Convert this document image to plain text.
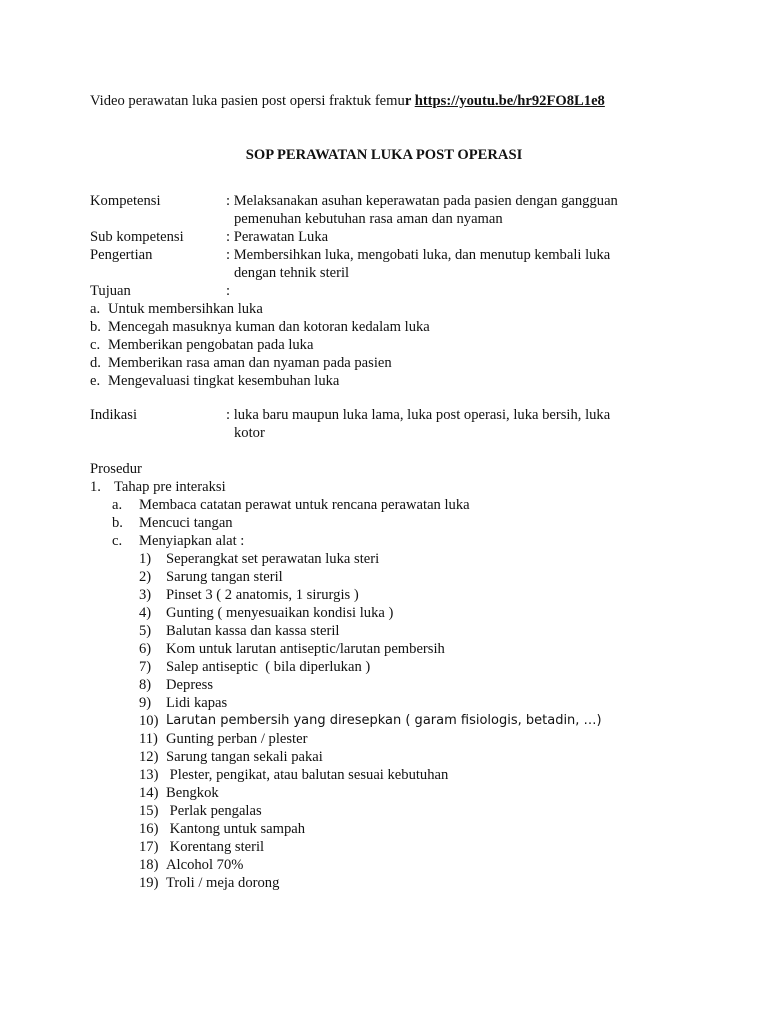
Video perawatan luka pasien post opersi fraktuk femur https://youtu.be/hr92FO8L1e8
SOP PERAWATAN LUKA POST OPERASI
Kompetensi	: Melaksanakan asuhan keperawatan pada pasien dengan gangguan
pemenuhan kebutuhan rasa aman dan nyaman
Sub kompetensi	: Perawatan Luka
Pengertian	: Membersihkan luka, mengobati luka, dan menutup kembali luka
dengan tehnik steril
Tujuan	:
a. Untuk membersihkan luka
b. Mencegah masuknya kuman dan kotoran kedalam luka
c. Memberikan pengobatan pada luka
d. Memberikan rasa aman dan nyaman pada pasien
e. Mengevaluasi tingkat kesembuhan luka
Indikasi	: luka baru maupun luka lama, luka post operasi, luka bersih, luka
kotor
Prosedur
1. Tahap pre interaksi
a. Membaca catatan perawat untuk rencana perawatan luka
b. Mencuci tangan
c. Menyiapkan alat :
1) Seperangkat set perawatan luka steri
2) Sarung tangan steril
3) Pinset 3 ( 2 anatomis, 1 sirurgis )
4) Gunting ( menyesuaikan kondisi luka )
5) Balutan kassa dan kassa steril
6) Kom untuk larutan antiseptic/larutan pembersih
7) Salep antiseptic  ( bila diperlukan )
8) Depress
9) Lidi kapas
10) Larutan pembersih yang diresepkan ( garam fisiologis, betadin, …)
11) Gunting perban / plester
12) Sarung tangan sekali pakai
13) Plester, pengikat, atau balutan sesuai kebutuhan
14) Bengkok
15) Perlak pengalas
16) Kantong untuk sampah
17) Korentang steril
18) Alcohol 70%
19) Troli / meja dorong
